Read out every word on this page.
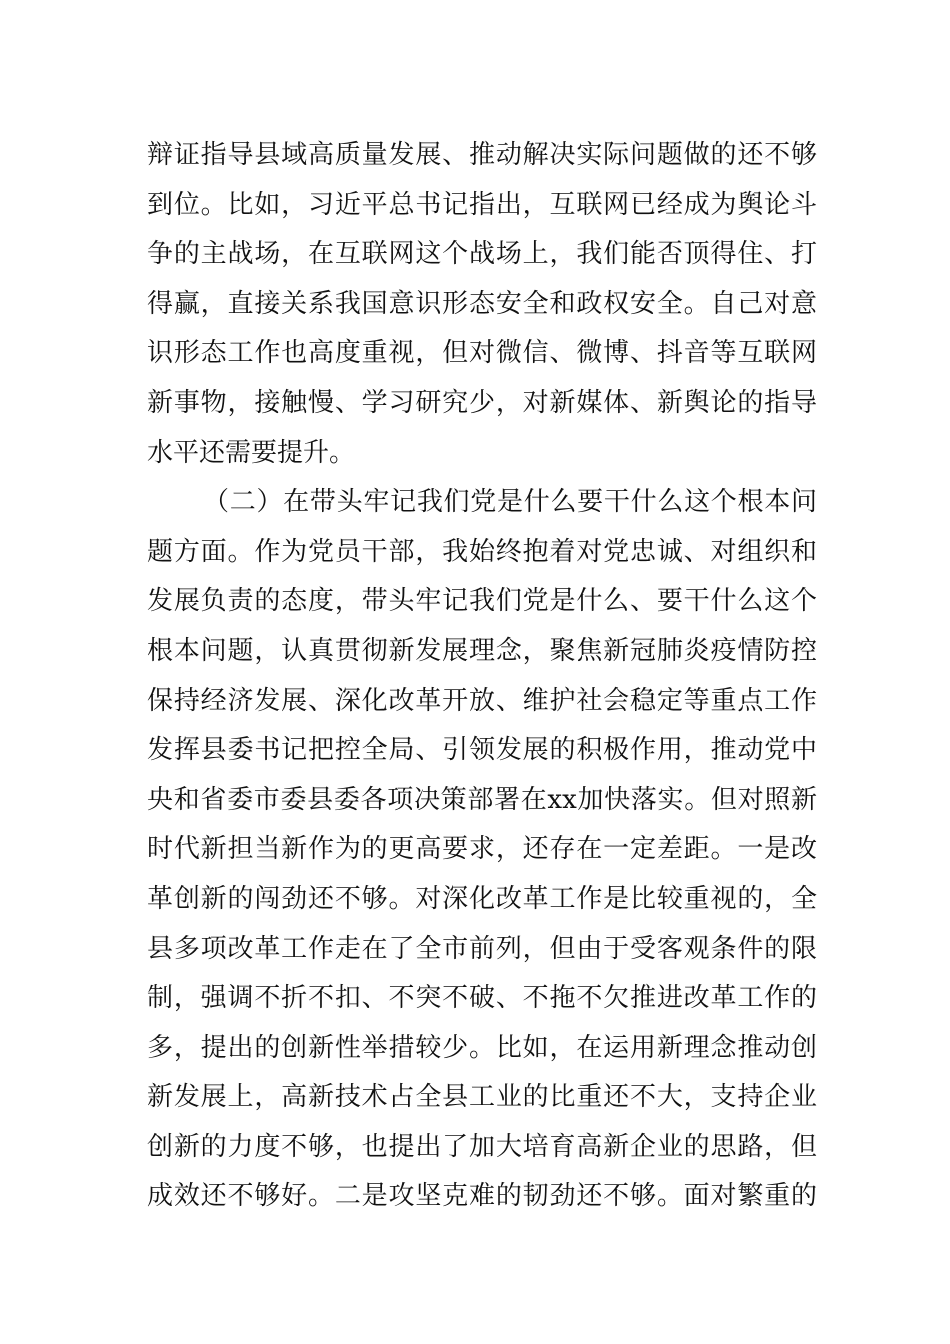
辩证指导县域高质量发展、推动解决实际问题做的还不够
到位。比如，习近平总书记指出，互联网已经成为舆论斗
争的主战场，在互联网这个战场上，我们能否顶得住、打
得赢，直接关系我国意识形态安全和政权安全。自己对意
识形态工作也高度重视，但对微信、微博、抖音等互联网
新事物，接触慢、学习研究少，对新媒体、新舆论的指导
水平还需要提升。
（二）在带头牢记我们党是什么要干什么这个根本问
题方面。作为党员干部，我始终抱着对党忠诚、对组织和
发展负责的态度，带头牢记我们党是什么、要干什么这个
根本问题，认真贯彻新发展理念，聚焦新冠肺炎疫情防控
保持经济发展、深化改革开放、维护社会稳定等重点工作
发挥县委书记把控全局、引领发展的积极作用，推动党中
央和省委市委县委各项决策部署在xx加快落实。但对照新
时代新担当新作为的更高要求，还存在一定差距。一是改
革创新的闯劲还不够。对深化改革工作是比较重视的，全
县多项改革工作走在了全市前列，但由于受客观条件的限
制，强调不折不扣、不突不破、不拖不欠推进改革工作的
多，提出的创新性举措较少。比如，在运用新理念推动创
新发展上，高新技术占全县工业的比重还不大，支持企业
创新的力度不够，也提出了加大培育高新企业的思路，但
成效还不够好。二是攻坚克难的韧劲还不够。面对繁重的
